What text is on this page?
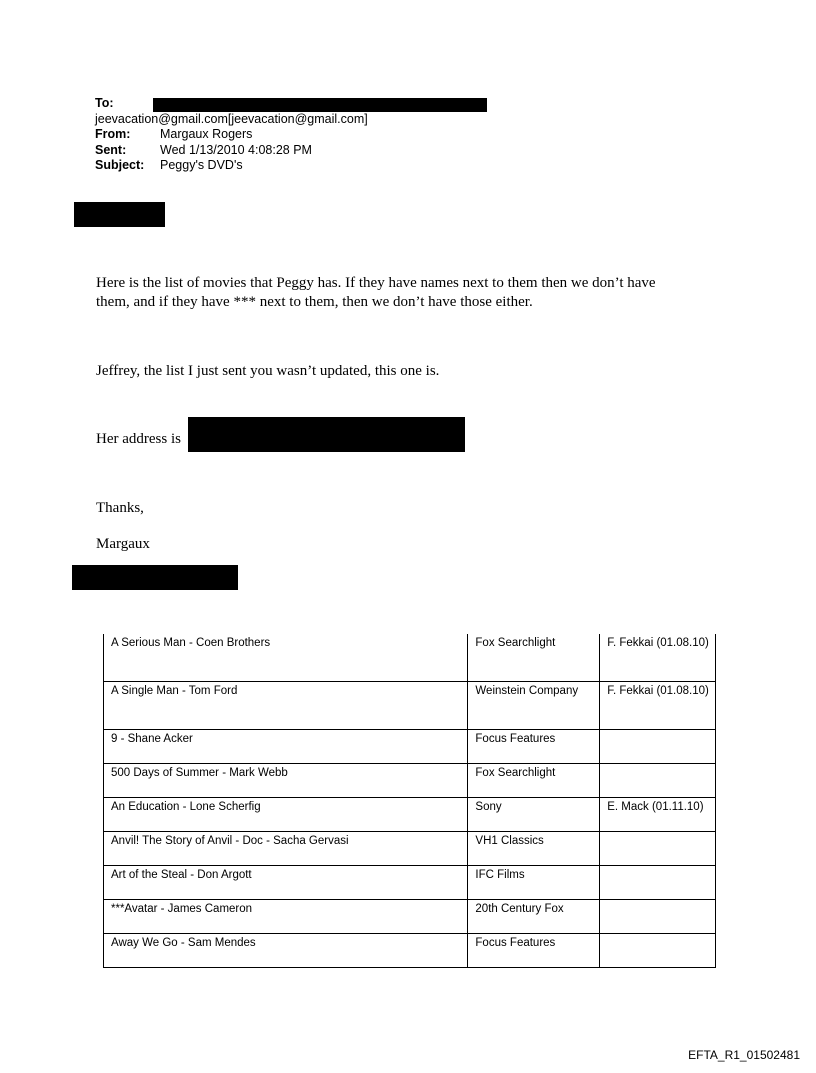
To:
jeevacation@gmail.com[jeevacation@gmail.com]
From: Margaux Rogers
Sent:	Wed 1/13/2010 4:08:28 PM
Subject: Peggy's DVD's
Here is the list of movies that Peggy has. If they have names next to them then we don’t have
them, and if they have *** next to them, then we don’t have those either.
Jeffrey, the list I just sent you wasn’t updated, this one is.
Her address is
Thanks,
Margaux
A Serious Man - Coen Brothers	Fox Searchlight	F. Fekkai (01.08.10)
A Single Man - Tom Ford	Weinstein Company	F. Fekkai (01.08.10)
9 - Shane Acker	Focus Features	
500 Days of Summer - Mark Webb	Fox Searchlight	
An Education - Lone Scherfig	Sony	E. Mack (01.11.10)
Anvil! The Story of Anvil - Doc - Sacha Gervasi	VH1 Classics	
Art of the Steal - Don Argott	IFC Films	
***Avatar - James Cameron	20th Century Fox	
Away We Go - Sam Mendes	Focus Features	
EFTA_R1_01502481
